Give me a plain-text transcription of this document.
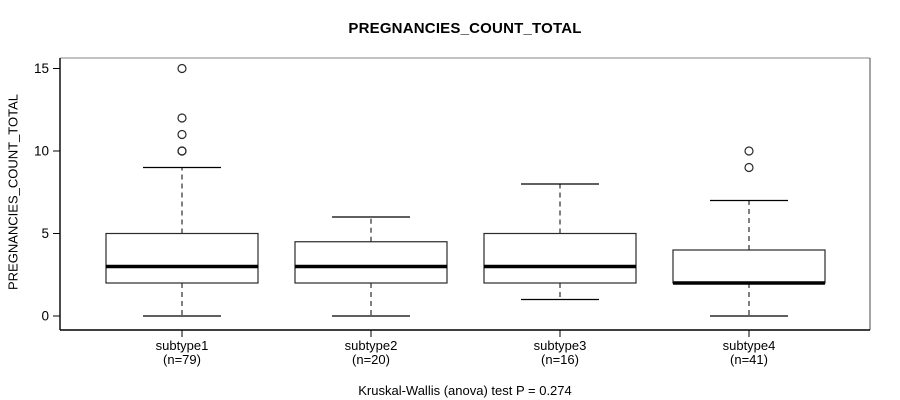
PREGNANCIES_COUNT_TOTAL
PREGNANCIES_COUNT_TOTAL
0
5
10
15
subtype1
(n=79)
subtype2
(n=20)
subtype3
(n=16)
subtype4
(n=41)
Kruskal-Wallis (anova) test P = 0.274
